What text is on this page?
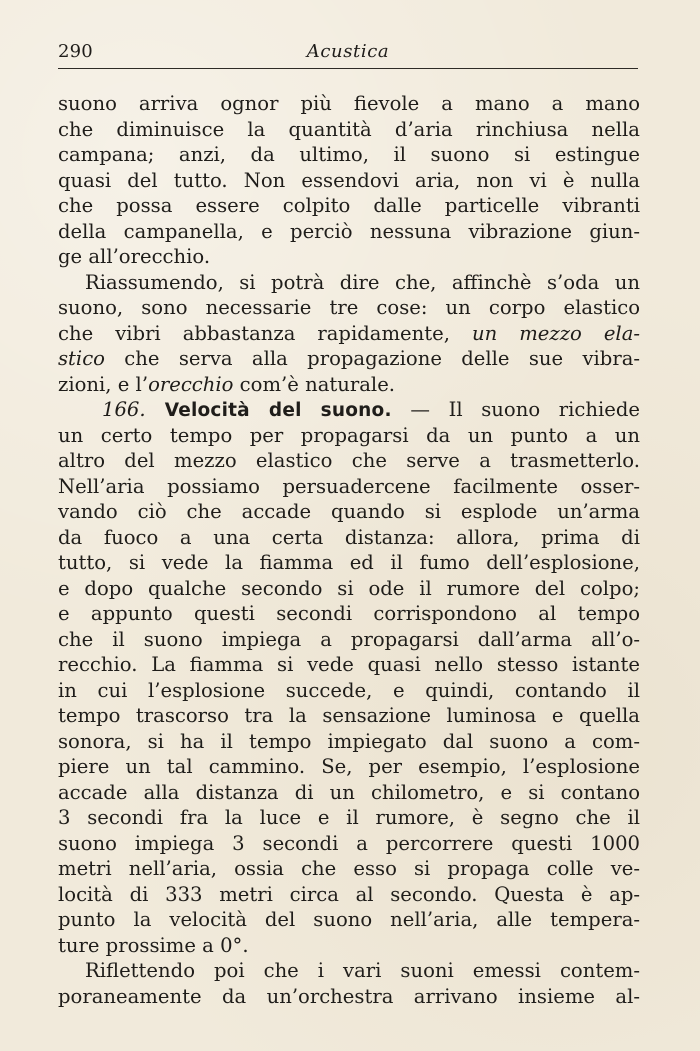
290	Acustica
suono arriva ognor più fievole a mano a mano
che diminuisce la quantità d’aria rinchiusa nella
campana; anzi, da ultimo, il suono si estingue
quasi del tutto. Non essendovi aria, non vi è nulla
che possa essere colpito dalle particelle vibranti
della campanella, e perciò nessuna vibrazione giun-
ge all’orecchio.
Riassumendo, si potrà dire che, affinchè s’oda un
suono, sono necessarie tre cose: un corpo elastico
che vibri abbastanza rapidamente, un mezzo ela-
stico che serva alla propagazione delle sue vibra-
zioni, e l’orecchio com’è naturale.
166. Velocità del suono. — Il suono richiede
un certo tempo per propagarsi da un punto a un
altro del mezzo elastico che serve a trasmetterlo.
Nell’aria possiamo persuadercene facilmente osser-
vando ciò che accade quando si esplode un’arma
da fuoco a una certa distanza: allora, prima di
tutto, si vede la fiamma ed il fumo dell’esplosione,
e dopo qualche secondo si ode il rumore del colpo;
e appunto questi secondi corrispondono al tempo
che il suono impiega a propagarsi dall’arma all’o-
recchio. La fiamma si vede quasi nello stesso istante
in cui l’esplosione succede, e quindi, contando il
tempo trascorso tra la sensazione luminosa e quella
sonora, si ha il tempo impiegato dal suono a com-
piere un tal cammino. Se, per esempio, l’esplosione
accade alla distanza di un chilometro, e si contano
3 secondi fra la luce e il rumore, è segno che il
suono impiega 3 secondi a percorrere questi 1000
metri nell’aria, ossia che esso si propaga colle ve-
locità di 333 metri circa al secondo. Questa è ap-
punto la velocità del suono nell’aria, alle tempera-
ture prossime a 0°.
Riflettendo poi che i vari suoni emessi contem-
poraneamente da un’orchestra arrivano insieme al-
